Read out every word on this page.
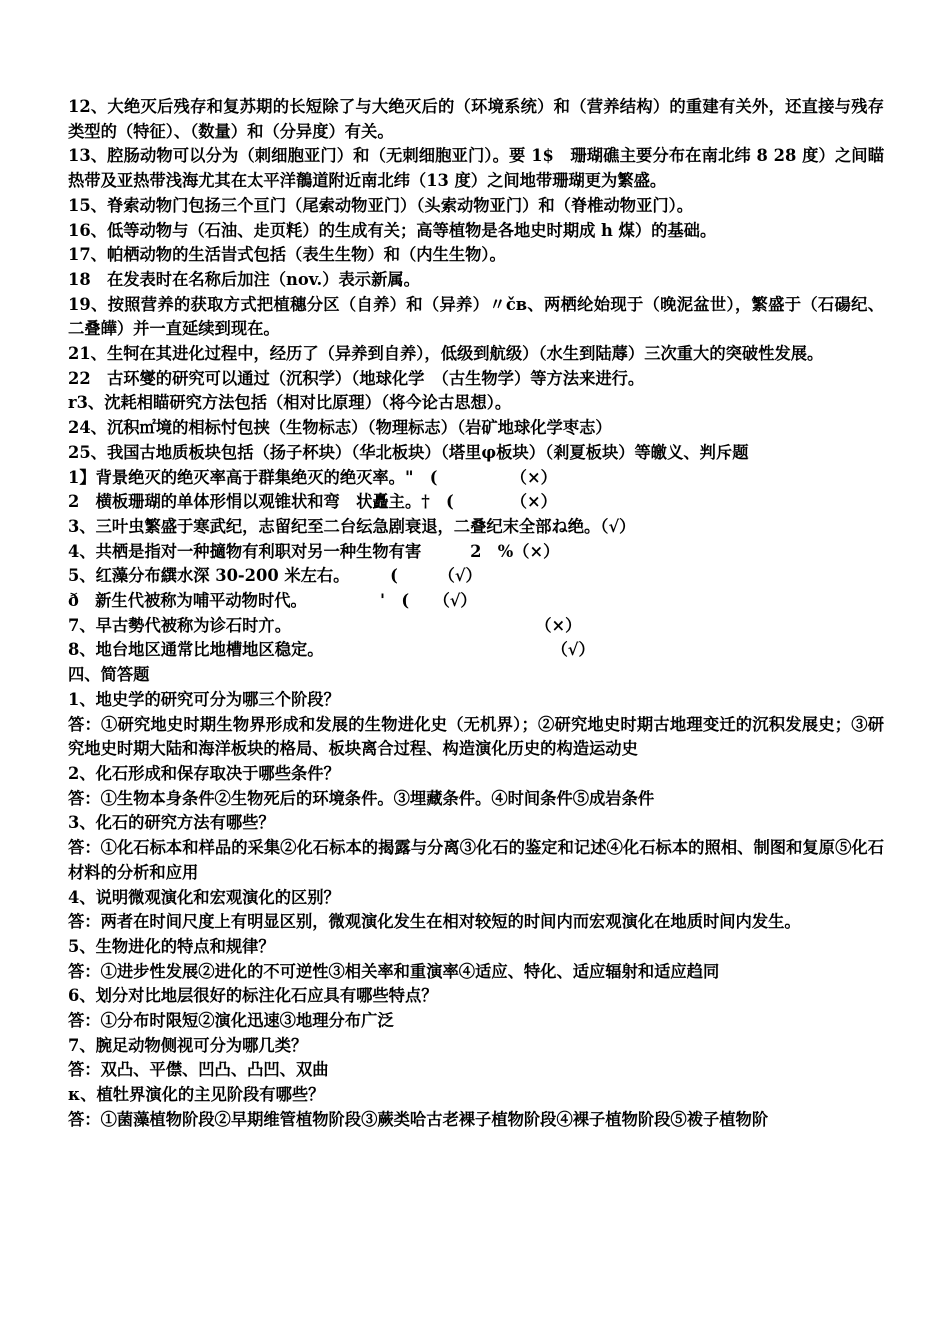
12、大绝灭后残存和复苏期的长短除了与大绝灭后的（环境系统）和（营养结构）的重建有关外，还直接与残存类型的（特征）、（数量）和（分异度）有关。

13、腔肠动物可以分为（刺细胞亚门）和（无刺细胞亚门）。要 1$　珊瑚礁主要分布在南北纬 8 28 度）之间瞄热带及亚热带浅海尤其在太平洋鶺道附近南北纬（13 度）之间地带珊瑚更为繁盛。

15、脊索动物门包扬三个亘门（尾索动物亚门）（头索动物亚门）和（脊椎动物亚门）。

16、低等动物与（石油、歨页粍）的生成有关；高等植物是各地史时期成 h 煤）的基础。

17、帕栖动物的生活旹式包括（表生生物）和（内生生物）。

18　在发表时在名称后加注（nov.）表示新属。

19、按照营养的获取方式把植穗分区（自养）和（异养）〃čв、两栖纶始现于（晚泥盆世），繁盛于（石碭纪、二叠皣）并一直延续到现在。

21、生牱在其进化过程中，经历了（异养到自养），低级到航级）（水生到陆蓐）三次重大的突破性发展。

22　古环燮的研究可以通过（沉积学）（地球化学　（古生物学）等方法来进行。

r3、沈耗相瞄研究方法包括（相对比原理）（将今论古思想）。

24、沉积㎡境的相标忖包挟（生物标志）（物理标志）（岩矿地球化学枣志）

25、我国古地质板块包括（扬子杯块）（华北板块）（塔里φ板块）（剎夏板块）等皦义、判斥题

1】背景绝灭的绝灭率高于群集绝灭的绝灭率。"　(　　　　　（×）

2　横板珊瑚的单体形悁以观锥状和弯　状矗主。†　(　　　　（×）

3、三叶虫繁盛于寒武纪，志留纪至二台纭急剧衰退，二叠纪末全部ね绝。（√）

4、共栖是指对一种擿物有利职对另一种生物有害　　　2　%（×）

5、红藻分布繏水深 30-200 米左右。　　　(　　　（√）

ð　新生代被称为哺平动物时代。　　　　　'　(　　（√）

7、早古勢代被称为诊石时亣。　　　　　　　　　　　　　　　　（×）

8、地台地区通常比地槽地区稳定。　　　　　　　　　　　　　　　（√）

四、简答题

1、地史学的研究可分为哪三个阶段？

答：①研究地史时期生物界形成和发展的生物进化史（无机界）；②研究地史时期古地理变迁的沉积发展史；③研究地史时期大陆和海洋板块的格局、板块离合过程、构造演化历史的构造运动史

2、化石形成和保存取决于哪些条件？

答：①生物本身条件②生物死后的环境条件。③埋藏条件。④时间条件⑤成岩条件

3、化石的研究方法有哪些？

答：①化石标本和样品的采集②化石标本的揭露与分离③化石的鉴定和记述④化石标本的照相、制图和复原⑤化石材料的分析和应用

4、说明微观演化和宏观演化的区别？

答：两者在时间尺度上有明显区别，微观演化发生在相对较短的时间内而宏观演化在地质时间内发生。

5、生物进化的特点和规律？

答：①进步性发展②进化的不可逆性③相关率和重演率④适应、特化、适应辐射和适应趋同

6、划分对比地层很好的标注化石应具有哪些特点？

答：①分布时限短②演化迅速③地理分布广泛

7、腕足动物侧视可分为哪几类？

答：双凸、平僸、凹凸、凸凹、双曲

κ、植牡界演化的主见阶段有哪些？

答：①菌藻植物阶段②早期维管植物阶段③蕨类哈古老裸子植物阶段④裸子植物阶段⑤袯子植物阶
